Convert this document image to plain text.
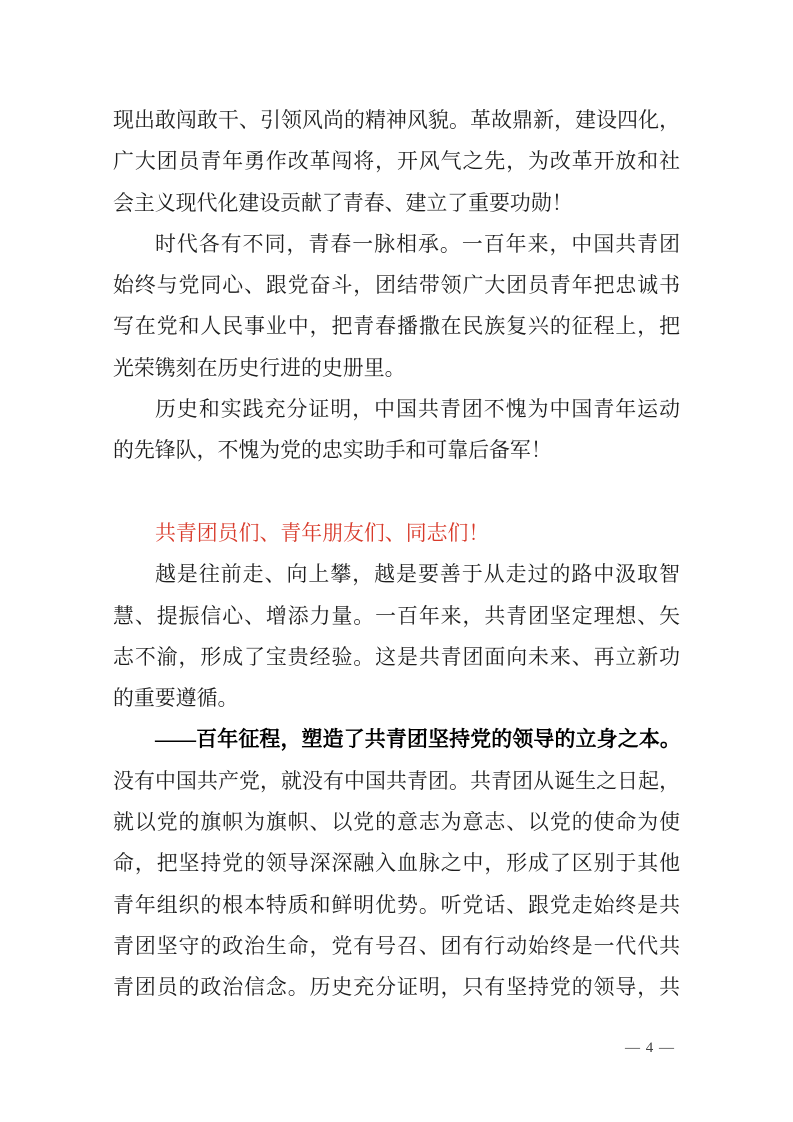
现出敢闯敢干、引领风尚的精神风貌。革故鼎新，建设四化，
广大团员青年勇作改革闯将，开风气之先，为改革开放和社
会主义现代化建设贡献了青春、建立了重要功勋！
时代各有不同，青春一脉相承。一百年来，中国共青团
始终与党同心、跟党奋斗，团结带领广大团员青年把忠诚书
写在党和人民事业中，把青春播撒在民族复兴的征程上，把
光荣镌刻在历史行进的史册里。
历史和实践充分证明，中国共青团不愧为中国青年运动
的先锋队，不愧为党的忠实助手和可靠后备军！
共青团员们、青年朋友们、同志们！
越是往前走、向上攀，越是要善于从走过的路中汲取智
慧、提振信心、增添力量。一百年来，共青团坚定理想、矢
志不渝，形成了宝贵经验。这是共青团面向未来、再立新功
的重要遵循。
——百年征程，塑造了共青团坚持党的领导的立身之本。
没有中国共产党，就没有中国共青团。共青团从诞生之日起，
就以党的旗帜为旗帜、以党的意志为意志、以党的使命为使
命，把坚持党的领导深深融入血脉之中，形成了区别于其他
青年组织的根本特质和鲜明优势。听党话、跟党走始终是共
青团坚守的政治生命，党有号召、团有行动始终是一代代共
青团员的政治信念。历史充分证明，只有坚持党的领导，共
— 4 —
